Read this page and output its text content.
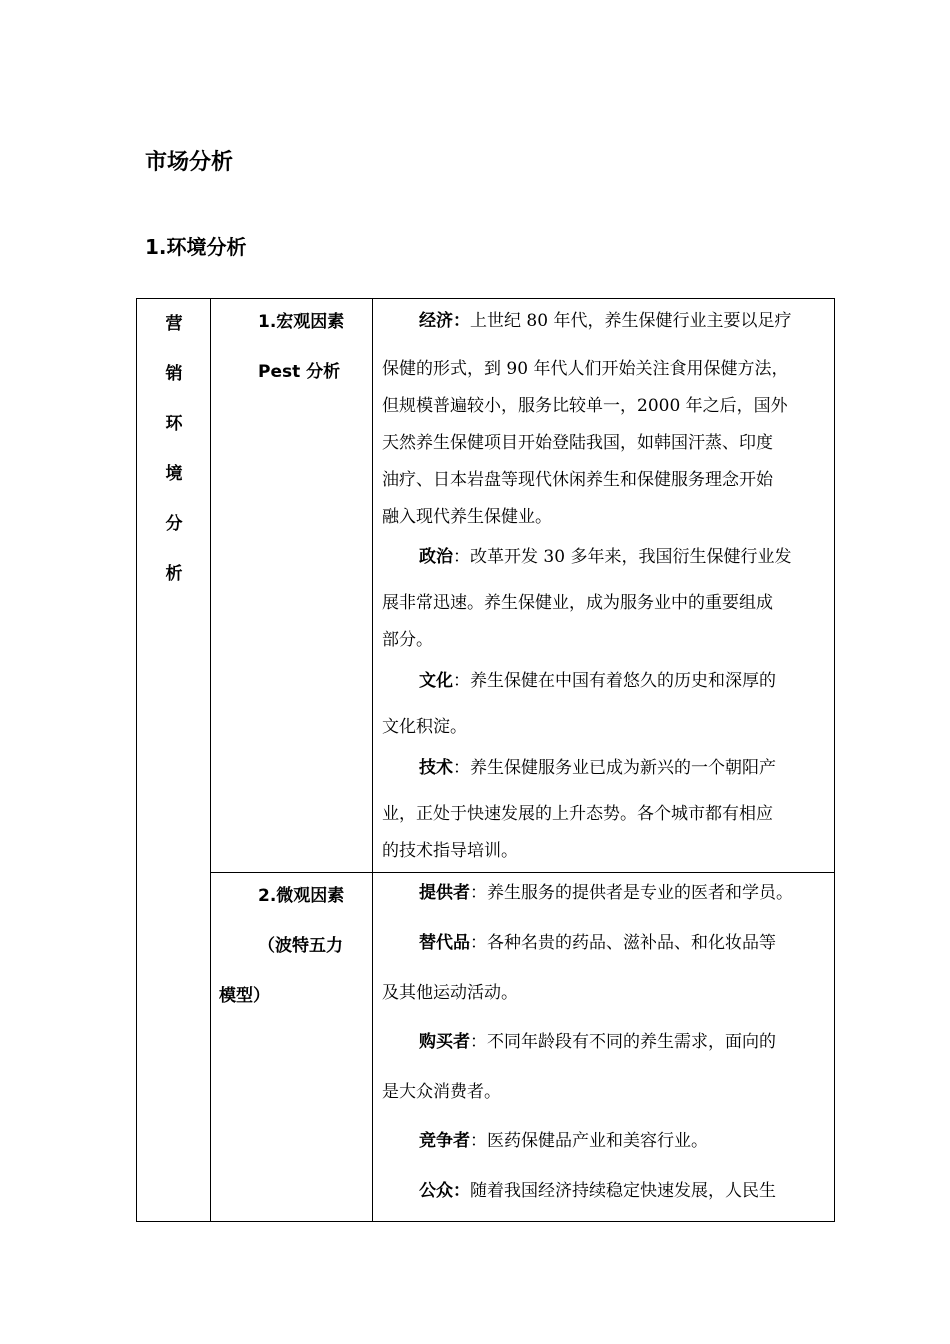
市场分析
1.环境分析
营
销
环
境
分
析
1.宏观因素
Pest 分析
经济：上世纪 80 年代，养生保健行业主要以足疗
保健的形式，到 90 年代人们开始关注食用保健方法，
但规模普遍较小，服务比较单一，2000 年之后，国外
天然养生保健项目开始登陆我国，如韩国汗蒸、印度
油疗、日本岩盘等现代休闲养生和保健服务理念开始
融入现代养生保健业。
政治：改革开发 30 多年来，我国衍生保健行业发
展非常迅速。养生保健业，成为服务业中的重要组成
部分。
文化：养生保健在中国有着悠久的历史和深厚的
文化积淀。
技术：养生保健服务业已成为新兴的一个朝阳产
业，正处于快速发展的上升态势。各个城市都有相应
的技术指导培训。
2.微观因素
（波特五力
模型）
提供者：养生服务的提供者是专业的医者和学员。
替代品：各种名贵的药品、滋补品、和化妆品等
及其他运动活动。
购买者：不同年龄段有不同的养生需求，面向的
是大众消费者。
竞争者：医药保健品产业和美容行业。
公众：随着我国经济持续稳定快速发展，人民生
